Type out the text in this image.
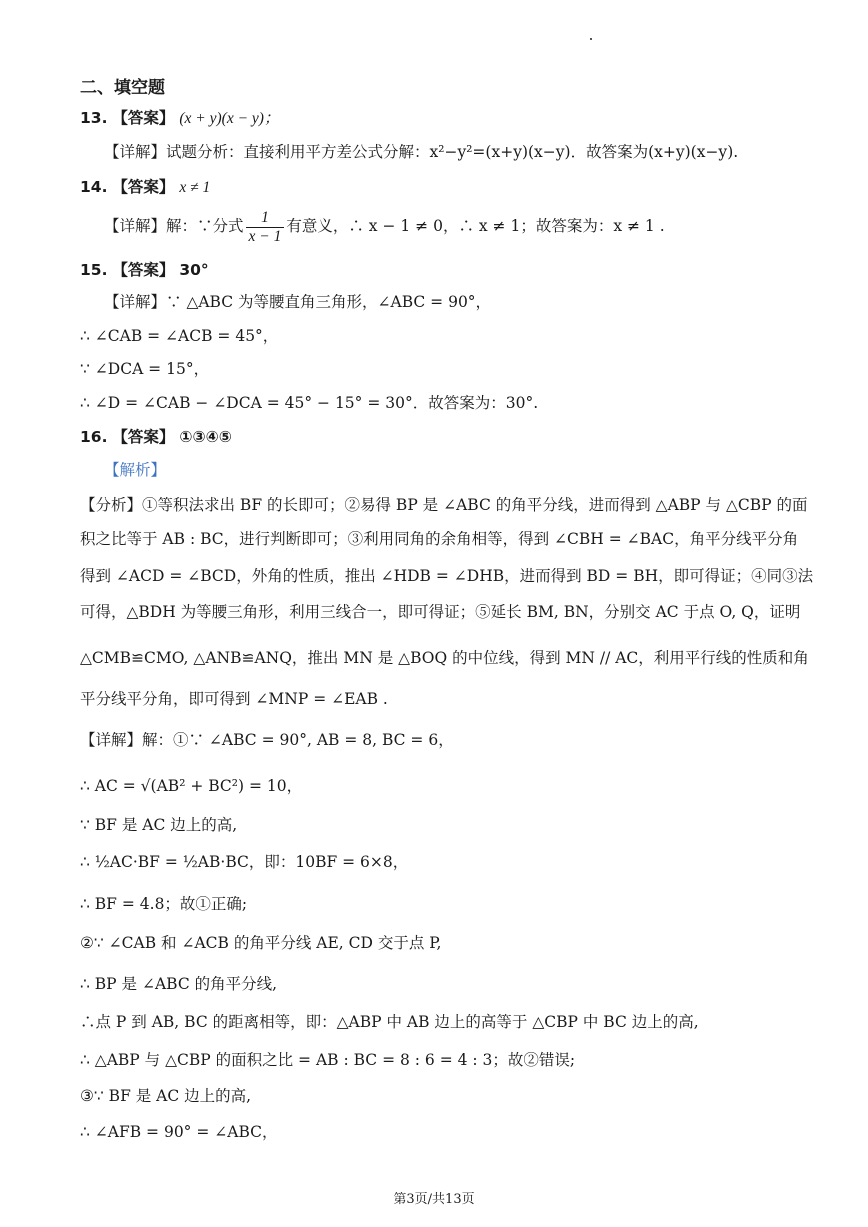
二、填空题
13. 【答案】 (x + y)(x − y)；
【详解】试题分析：直接利用平方差公式分解：x²−y²=(x+y)(x−y)．故答案为(x+y)(x−y).
14. 【答案】 x ≠ 1
【详解】解：∵分式 $\frac{1}{x - 1}$ 有意义，∴ x − 1 ≠ 0，∴ x ≠ 1；故答案为：x ≠ 1 .
15. 【答案】 30°
【详解】∵ △ABC 为等腰直角三角形，∠ABC = 90°，
∴ ∠CAB = ∠ACB = 45°，
∵ ∠DCA = 15°，
∴ ∠D = ∠CAB − ∠DCA = 45° − 15° = 30°．故答案为：30°.
16. 【答案】 ①③④⑤
【解析】
【分析】①等积法求出 BF 的长即可；②易得 BP 是 ∠ABC 的角平分线，进而得到 △ABP 与 △CBP 的面
积之比等于 AB : BC，进行判断即可；③利用同角的余角相等，得到 ∠CBH = ∠BAC，角平分线平分角
得到 ∠ACD = ∠BCD，外角的性质，推出 ∠HDB = ∠DHB，进而得到 BD = BH，即可得证；④同③法
可得，△BDH 为等腰三角形，利用三线合一，即可得证；⑤延长 BM, BN，分别交 AC 于点 O, Q，证明
△CMB≌CMO, △ANB≌ANQ，推出 MN 是 △BOQ 的中位线，得到 MN // AC，利用平行线的性质和角
平分线平分角，即可得到 ∠MNP = ∠EAB .
【详解】解：①∵ ∠ABC = 90°, AB = 8, BC = 6，
∴ AC = √(AB² + BC²) = 10，
∵ BF 是 AC 边上的高,
∴ ½AC·BF = ½AB·BC，即：10BF = 6×8，
∴ BF = 4.8；故①正确;
②∵ ∠CAB 和 ∠ACB 的角平分线 AE, CD 交于点 P,
∴ BP 是 ∠ABC 的角平分线,
∴点 P 到 AB, BC 的距离相等，即：△ABP 中 AB 边上的高等于 △CBP 中 BC 边上的高,
∴ △ABP 与 △CBP 的面积之比 = AB : BC = 8 : 6 = 4 : 3；故②错误;
③∵ BF 是 AC 边上的高,
∴ ∠AFB = 90° = ∠ABC，
第3页/共13页
